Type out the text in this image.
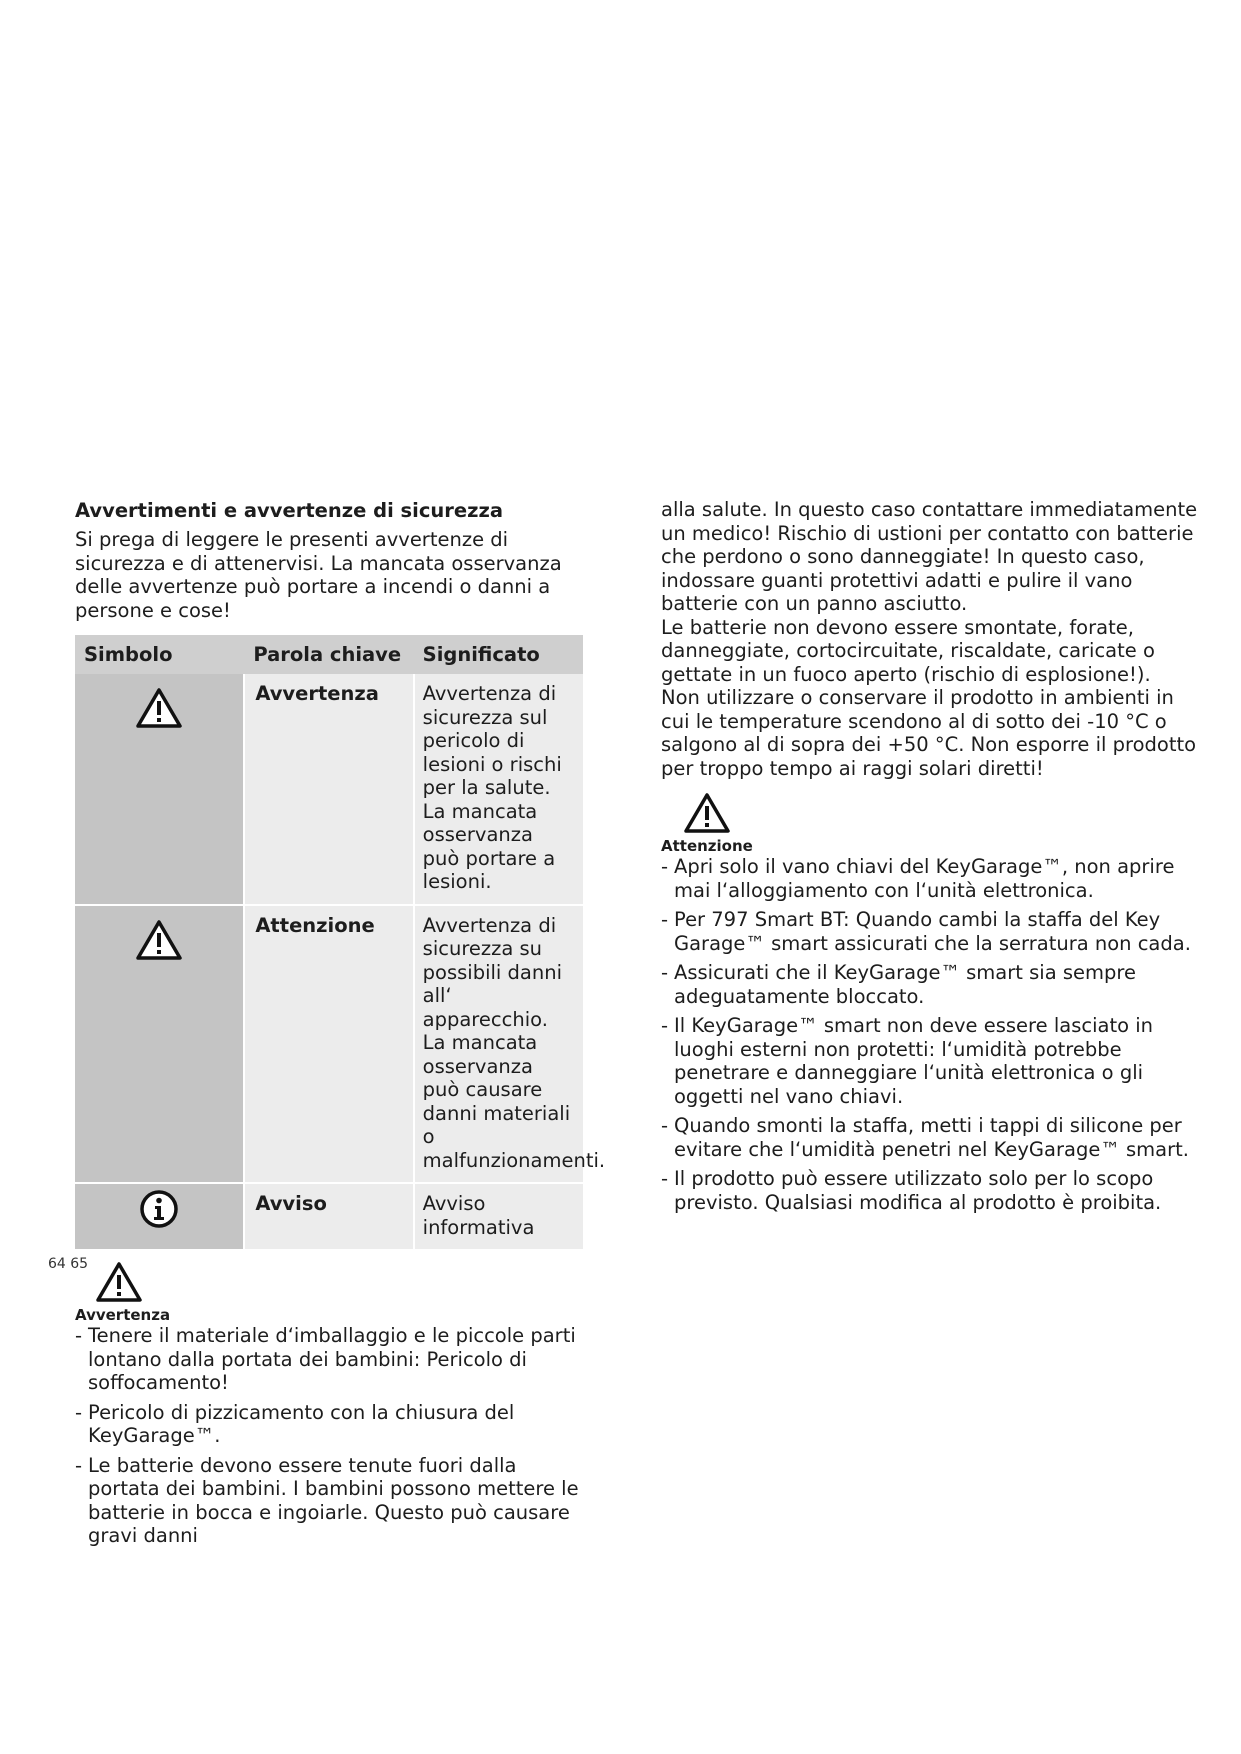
Avvertimenti e avvertenze di sicurezza

Si prega di leggere le presenti avvertenze di sicurezza e di attenervisi. La mancata osservanza delle avvertenze può portare a incendi o danni a persone e cose!

Simbolo	Parola chiave	Significato

	Avvertenza	Avvertenza di sicurezza sul pericolo di lesioni o rischi per la salute. La mancata osservanza può portare a lesioni.

	Attenzione	Avvertenza di sicurezza su possibili danni all‘ apparecchio. La mancata osservanza può causare danni materiali o malfunzionamenti.

	Avviso	Avviso informativa

Avvertenza

- Tenere il materiale d‘imballaggio e le piccole parti lontano dalla portata dei bambini: Pericolo di soffocamento!
- Pericolo di pizzicamento con la chiusura del KeyGarage™.
- Le batterie devono essere tenute fuori dalla portata dei bambini. I bambini possono mettere le batterie in bocca e ingoiarle. Questo può causare gravi danni

alla salute. In questo caso contattare immediatamente un medico! Rischio di ustioni per contatto con batterie che perdono o sono danneggiate! In questo caso, indossare guanti protettivi adatti e pulire il vano batterie con un panno asciutto.

Le batterie non devono essere smontate, forate, danneggiate, cortocircuitate, riscaldate, caricate o gettate in un fuoco aperto (rischio di esplosione!).

Non utilizzare o conservare il prodotto in ambienti in cui le temperature scendono al di sotto dei -10 °C o salgono al di sopra dei +50 °C. Non esporre il prodotto per troppo tempo ai raggi solari diretti!

Attenzione

- Apri solo il vano chiavi del KeyGarage™, non aprire mai l‘alloggiamento con l‘unità elettronica.
- Per 797 Smart BT: Quando cambi la staffa del Key Garage™ smart assicurati che la serratura non cada.
- Assicurati che il KeyGarage™ smart sia sempre adeguatamente bloccato.
- Il KeyGarage™ smart non deve essere lasciato in luoghi esterni non protetti: l‘umidità potrebbe penetrare e danneggiare l‘unità elettronica o gli oggetti nel vano chiavi.
- Quando smonti la staffa, metti i tappi di silicone per evitare che l‘umidità penetri nel KeyGarage™ smart.
- Il prodotto può essere utilizzato solo per lo scopo previsto. Qualsiasi modifica al prodotto è proibita.
64 65
